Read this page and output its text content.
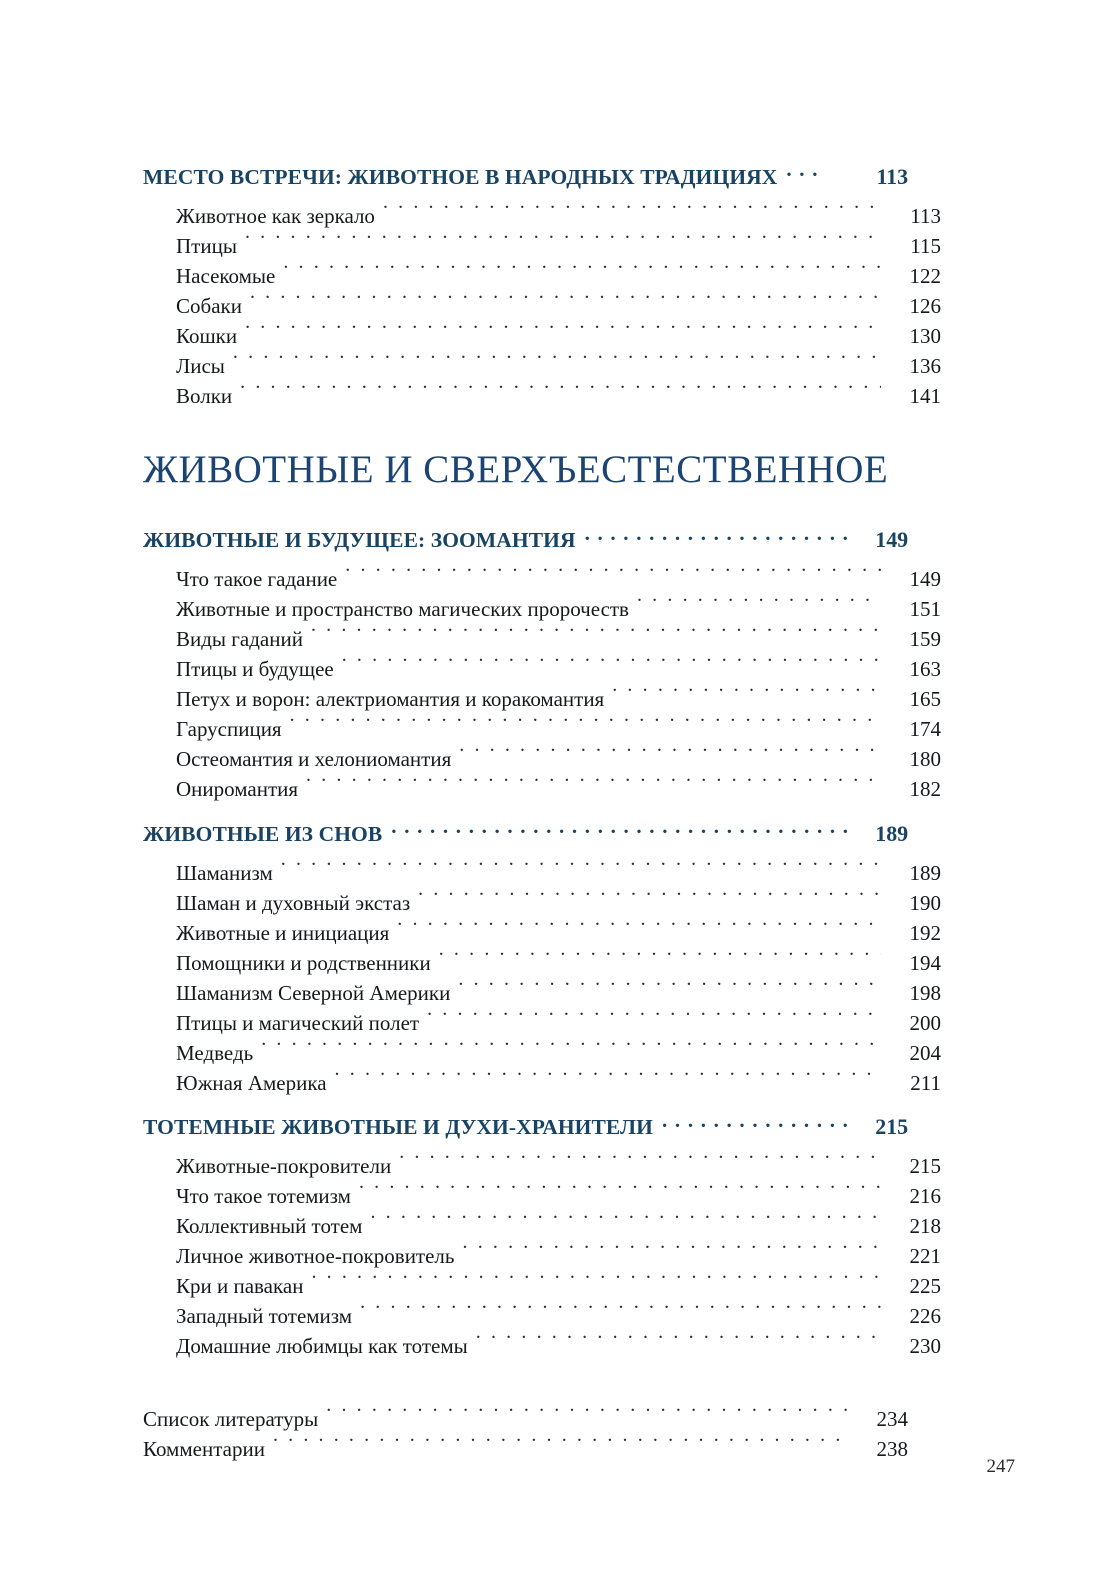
МЕСТО ВСТРЕЧИ: ЖИВОТНОЕ В НАРОДНЫХ ТРАДИЦИЯХ . . .	113
Животное как зеркало . . .	113
Птицы . . .	115
Насекомые . . .	122
Собаки . . .	126
Кошки . . .	130
Лисы . . .	136
Волки . . .	141
ЖИВОТНЫЕ И СВЕРХЪЕСТЕСТВЕННОЕ
ЖИВОТНЫЕ И БУДУЩЕЕ: ЗООМАНТИЯ . . .	149
Что такое гадание . . .	149
Животные и пространство магических пророчеств . . .	151
Виды гаданий . . .	159
Птицы и будущее . . .	163
Петух и ворон: алектриомантия и коракомантия . . .	165
Гаруспиция . . .	174
Остеомантия и хелониомантия . . .	180
Ониромантия . . .	182
ЖИВОТНЫЕ ИЗ СНОВ . . .	189
Шаманизм . . .	189
Шаман и духовный экстаз . . .	190
Животные и инициация . . .	192
Помощники и родственники . . .	194
Шаманизм Северной Америки . . .	198
Птицы и магический полет . . .	200
Медведь . . .	204
Южная Америка . . .	211
ТОТЕМНЫЕ ЖИВОТНЫЕ И ДУХИ-ХРАНИТЕЛИ . . .	215
Животные-покровители . . .	215
Что такое тотемизм . . .	216
Коллективный тотем . . .	218
Личное животное-покровитель . . .	221
Кри и павакан . . .	225
Западный тотемизм . . .	226
Домашние любимцы как тотемы . . .	230
Список литературы . . .	234
Комментарии . . .	238
247
